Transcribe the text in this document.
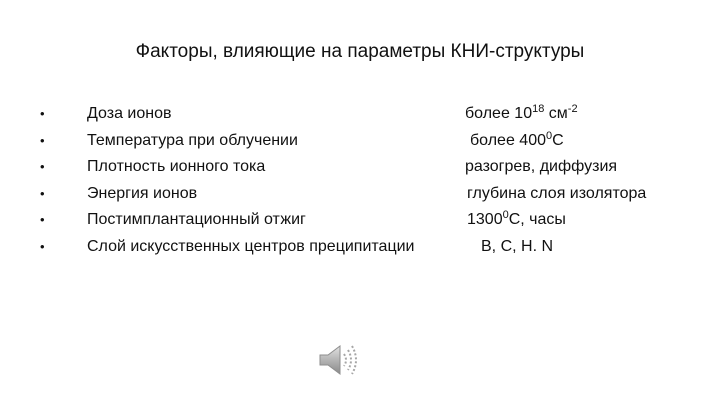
Факторы, влияющие на параметры КНИ-структуры
•	Доза ионов	более $10^{18}$ $см^{-2}$
•	Температура при облучении	более $400^0С$
•	Плотность ионного тока	разогрев, диффузия
•	Энергия ионов	глубина слоя изолятора
•	Постимплантационный отжиг	1300$^0$С, часы
•	Слой искусственных центров преципитации	B, C, H. N
